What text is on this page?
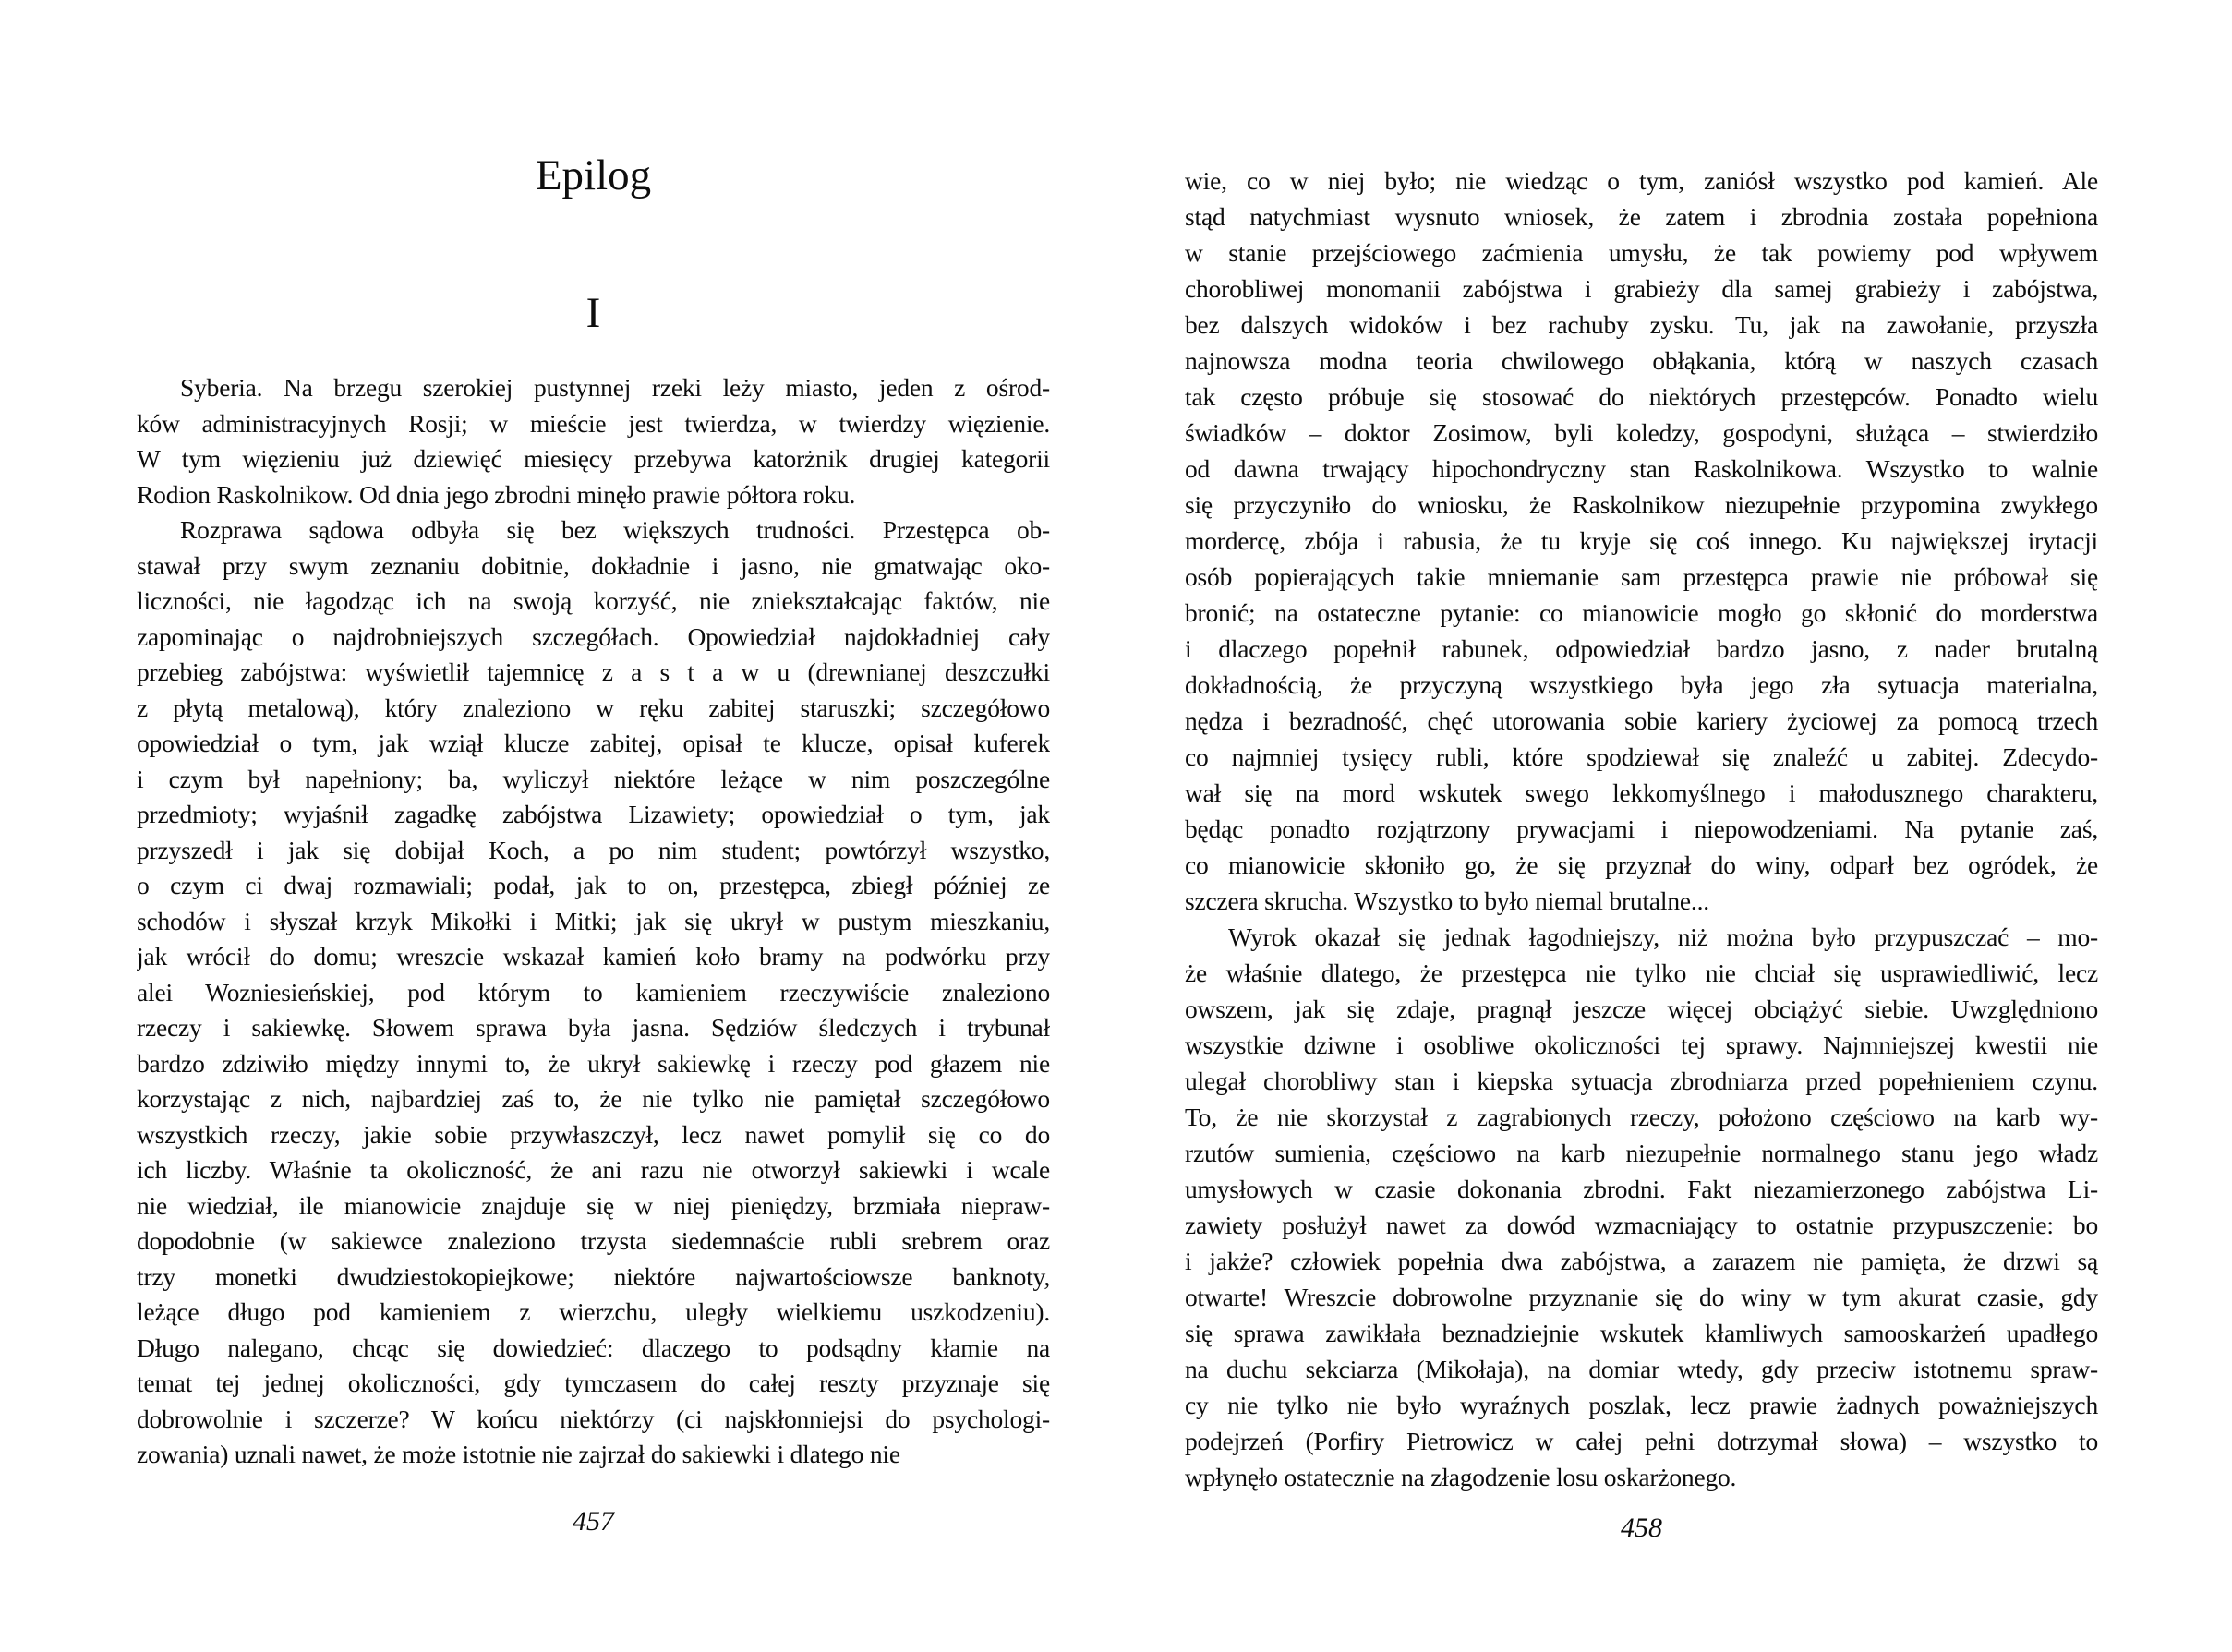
Epilog
I
Syberia. Na brzegu szerokiej pustynnej rzeki leży miasto, jeden z ośrod-
ków administracyjnych Rosji; w mieście jest twierdza, w twierdzy więzienie.
W tym więzieniu już dziewięć miesięcy przebywa katorżnik drugiej kategorii
Rodion Raskolnikow. Od dnia jego zbrodni minęło prawie półtora roku.
Rozprawa sądowa odbyła się bez większych trudności. Przestępca ob-
stawał przy swym zeznaniu dobitnie, dokładnie i jasno, nie gmatwając oko-
liczności, nie łagodząc ich na swoją korzyść, nie zniekształcając faktów, nie
zapominając o najdrobniejszych szczegółach. Opowiedział najdokładniej cały
przebieg zabójstwa: wyświetlił tajemnicę z a s t a w u (drewnianej deszczułki
z płytą metalową), który znaleziono w ręku zabitej staruszki; szczegółowo
opowiedział o tym, jak wziął klucze zabitej, opisał te klucze, opisał kuferek
i czym był napełniony; ba, wyliczył niektóre leżące w nim poszczególne
przedmioty; wyjaśnił zagadkę zabójstwa Lizawiety; opowiedział o tym, jak
przyszedł i jak się dobijał Koch, a po nim student; powtórzył wszystko,
o czym ci dwaj rozmawiali; podał, jak to on, przestępca, zbiegł później ze
schodów i słyszał krzyk Mikołki i Mitki; jak się ukrył w pustym mieszkaniu,
jak wrócił do domu; wreszcie wskazał kamień koło bramy na podwórku przy
alei Wozniesieńskiej, pod którym to kamieniem rzeczywiście znaleziono
rzeczy i sakiewkę. Słowem sprawa była jasna. Sędziów śledczych i trybunał
bardzo zdziwiło między innymi to, że ukrył sakiewkę i rzeczy pod głazem nie
korzystając z nich, najbardziej zaś to, że nie tylko nie pamiętał szczegółowo
wszystkich rzeczy, jakie sobie przywłaszczył, lecz nawet pomylił się co do
ich liczby. Właśnie ta okoliczność, że ani razu nie otworzył sakiewki i wcale
nie wiedział, ile mianowicie znajduje się w niej pieniędzy, brzmiała niepraw-
dopodobnie (w sakiewce znaleziono trzysta siedemnaście rubli srebrem oraz
trzy monetki dwudziestokopiejkowe; niektóre najwartościowsze banknoty,
leżące długo pod kamieniem z wierzchu, uległy wielkiemu uszkodzeniu).
Długo nalegano, chcąc się dowiedzieć: dlaczego to podsądny kłamie na
temat tej jednej okoliczności, gdy tymczasem do całej reszty przyznaje się
dobrowolnie i szczerze? W końcu niektórzy (ci najskłonniejsi do psychologi-
zowania) uznali nawet, że może istotnie nie zajrzał do sakiewki i dlatego nie
457
wie, co w niej było; nie wiedząc o tym, zaniósł wszystko pod kamień. Ale
stąd natychmiast wysnuto wniosek, że zatem i zbrodnia została popełniona
w stanie przejściowego zaćmienia umysłu, że tak powiemy pod wpływem
chorobliwej monomanii zabójstwa i grabieży dla samej grabieży i zabójstwa,
bez dalszych widoków i bez rachuby zysku. Tu, jak na zawołanie, przyszła
najnowsza modna teoria chwilowego obłąkania, którą w naszych czasach
tak często próbuje się stosować do niektórych przestępców. Ponadto wielu
świadków – doktor Zosimow, byli koledzy, gospodyni, służąca – stwierdziło
od dawna trwający hipochondryczny stan Raskolnikowa. Wszystko to walnie
się przyczyniło do wniosku, że Raskolnikow niezupełnie przypomina zwykłego
mordercę, zbója i rabusia, że tu kryje się coś innego. Ku największej irytacji
osób popierających takie mniemanie sam przestępca prawie nie próbował się
bronić; na ostateczne pytanie: co mianowicie mogło go skłonić do morderstwa
i dlaczego popełnił rabunek, odpowiedział bardzo jasno, z nader brutalną
dokładnością, że przyczyną wszystkiego była jego zła sytuacja materialna,
nędza i bezradność, chęć utorowania sobie kariery życiowej za pomocą trzech
co najmniej tysięcy rubli, które spodziewał się znaleźć u zabitej. Zdecydo-
wał się na mord wskutek swego lekkomyślnego i małodusznego charakteru,
będąc ponadto rozjątrzony prywacjami i niepowodzeniami. Na pytanie zaś,
co mianowicie skłoniło go, że się przyznał do winy, odparł bez ogródek, że
szczera skrucha. Wszystko to było niemal brutalne...
Wyrok okazał się jednak łagodniejszy, niż można było przypuszczać – mo-
że właśnie dlatego, że przestępca nie tylko nie chciał się usprawiedliwić, lecz
owszem, jak się zdaje, pragnął jeszcze więcej obciążyć siebie. Uwzględniono
wszystkie dziwne i osobliwe okoliczności tej sprawy. Najmniejszej kwestii nie
ulegał chorobliwy stan i kiepska sytuacja zbrodniarza przed popełnieniem czynu.
To, że nie skorzystał z zagrabionych rzeczy, położono częściowo na karb wy-
rzutów sumienia, częściowo na karb niezupełnie normalnego stanu jego władz
umysłowych w czasie dokonania zbrodni. Fakt niezamierzonego zabójstwa Li-
zawiety posłużył nawet za dowód wzmacniający to ostatnie przypuszczenie: bo
i jakże? człowiek popełnia dwa zabójstwa, a zarazem nie pamięta, że drzwi są
otwarte! Wreszcie dobrowolne przyznanie się do winy w tym akurat czasie, gdy
się sprawa zawikłała beznadziejnie wskutek kłamliwych samooskarżeń upadłego
na duchu sekciarza (Mikołaja), na domiar wtedy, gdy przeciw istotnemu spraw-
cy nie tylko nie było wyraźnych poszlak, lecz prawie żadnych poważniejszych
podejrzeń (Porfiry Pietrowicz w całej pełni dotrzymał słowa) – wszystko to
wpłynęło ostatecznie na złagodzenie losu oskarżonego.
458
